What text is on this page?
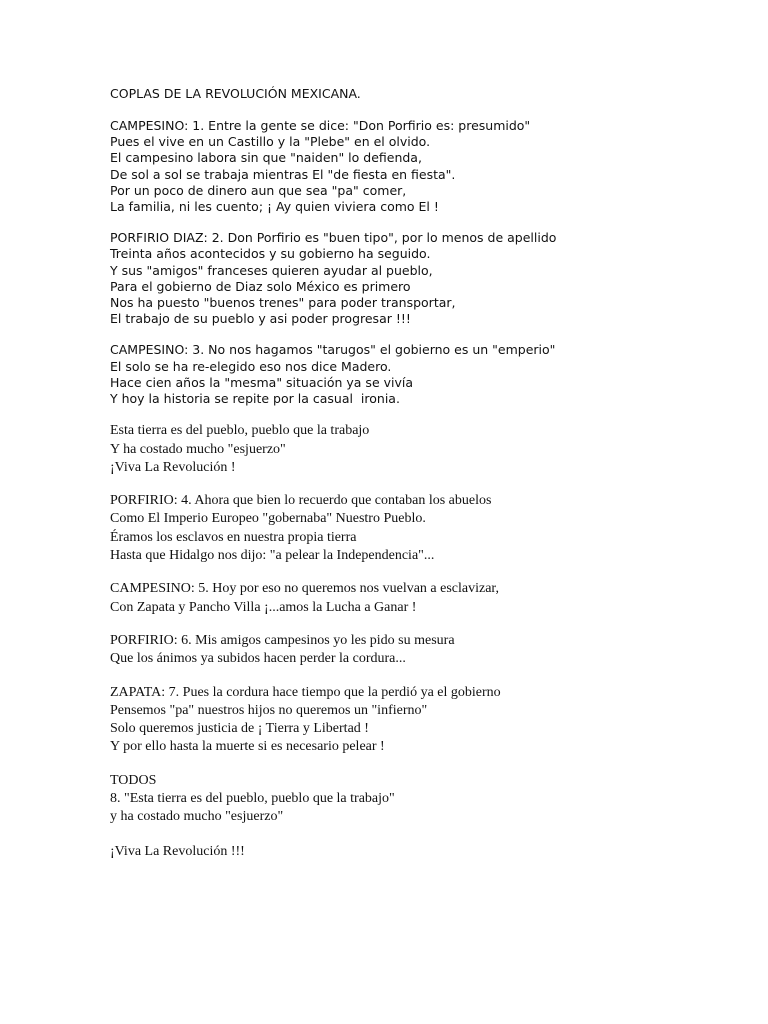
COPLAS DE LA REVOLUCIÓN MEXICANA.
CAMPESINO: 1. Entre la gente se dice: "Don Porfirio es: presumido"
Pues el vive en un Castillo y la "Plebe" en el olvido.
El campesino labora sin que "naiden" lo defienda,
De sol a sol se trabaja mientras El "de fiesta en fiesta".
Por un poco de dinero aun que sea "pa" comer,
La familia, ni les cuento; ¡ Ay quien viviera como El !
PORFIRIO DIAZ: 2. Don Porfirio es "buen tipo", por lo menos de apellido
Treinta años acontecidos y su gobierno ha seguido.
Y sus "amigos" franceses quieren ayudar al pueblo,
Para el gobierno de Diaz solo México es primero
Nos ha puesto "buenos trenes" para poder transportar,
El trabajo de su pueblo y asi poder progresar !!!
CAMPESINO: 3. No nos hagamos "tarugos" el gobierno es un "emperio"
El solo se ha re-elegido eso nos dice Madero.
Hace cien años la "mesma" situación ya se vivía
Y hoy la historia se repite por la casual  ironia.
Esta tierra es del pueblo, pueblo que la trabajo
Y ha costado mucho "esjuerzo"
¡Viva La Revolución !
PORFIRIO: 4. Ahora que bien lo recuerdo que contaban los abuelos
Como El Imperio Europeo "gobernaba" Nuestro Pueblo.
Éramos los esclavos en nuestra propia tierra
Hasta que Hidalgo nos dijo: "a pelear la Independencia"...
CAMPESINO: 5. Hoy por eso no queremos nos vuelvan a esclavizar,
Con Zapata y Pancho Villa ¡...amos la Lucha a Ganar !
PORFIRIO: 6. Mis amigos campesinos yo les pido su mesura
Que los ánimos ya subidos hacen perder la cordura...
ZAPATA: 7. Pues la cordura hace tiempo que la perdió ya el gobierno
Pensemos "pa" nuestros hijos no queremos un "infierno"
Solo queremos justicia de ¡ Tierra y Libertad !
Y por ello hasta la muerte si es necesario pelear !
TODOS
8. "Esta tierra es del pueblo, pueblo que la trabajo"
y ha costado mucho "esjuerzo"
¡Viva La Revolución !!!
